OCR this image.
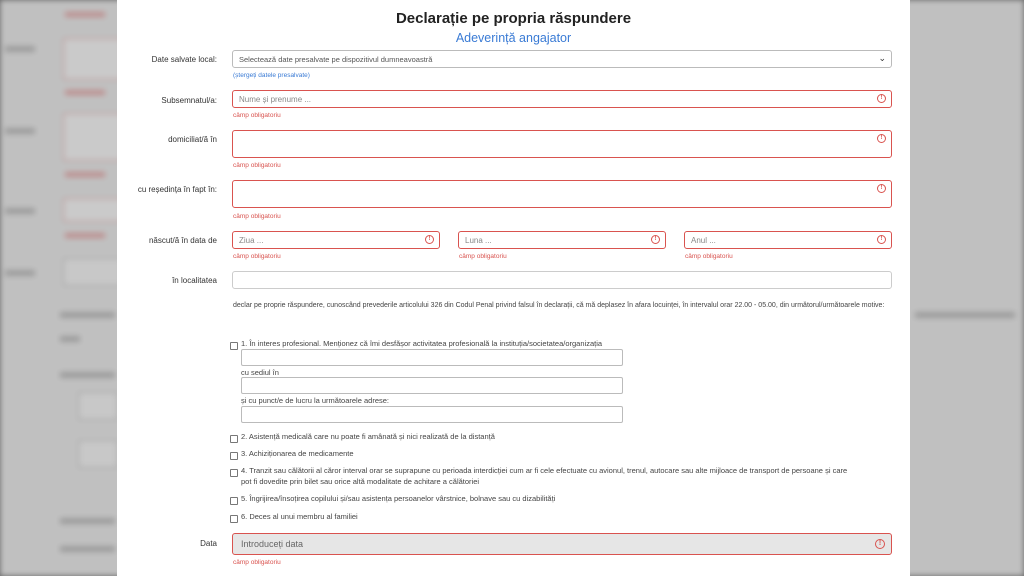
Declarație pe propria răspundere
Adeverință angajator
Date salvate local:	Selectează date presalvate pe dispozitivul dumneavoastră	⌄
(ștergeți datele presalvate)
Subsemnatul/a:	Nume și prenume ...	!
câmp obligatoriu
domiciliat/ă în	!
câmp obligatoriu
cu reședința în fapt în:	!
câmp obligatoriu
născut/ă în data de	Ziua ...	!	Luna ...	!	Anul ...	!
câmp obligatoriu	câmp obligatoriu	câmp obligatoriu
în localitatea
declar pe proprie răspundere, cunoscând prevederile articolului 326 din Codul Penal privind falsul în declarații, că mă deplasez în afara locuinței, în intervalul orar 22.00 - 05.00, din următorul/următoarele motive:
1. În interes profesional. Menționez că îmi desfășor activitatea profesională la instituția/societatea/organizația
cu sediul în
și cu punct/e de lucru la următoarele adrese:
2. Asistență medicală care nu poate fi amânată și nici realizată de la distanță
3. Achiziționarea de medicamente
4. Tranzit sau călătorii al căror interval orar se suprapune cu perioada interdicției cum ar fi cele efectuate cu avionul, trenul, autocare sau alte mijloace de transport de persoane și care
pot fi dovedite prin bilet sau orice altă modalitate de achitare a călătoriei
5. Îngrijirea/însoțirea copilului și/sau asistența persoanelor vârstnice, bolnave sau cu dizabilități
6. Deces al unui membru al familiei
Data	Introduceți data	!
câmp obligatoriu
